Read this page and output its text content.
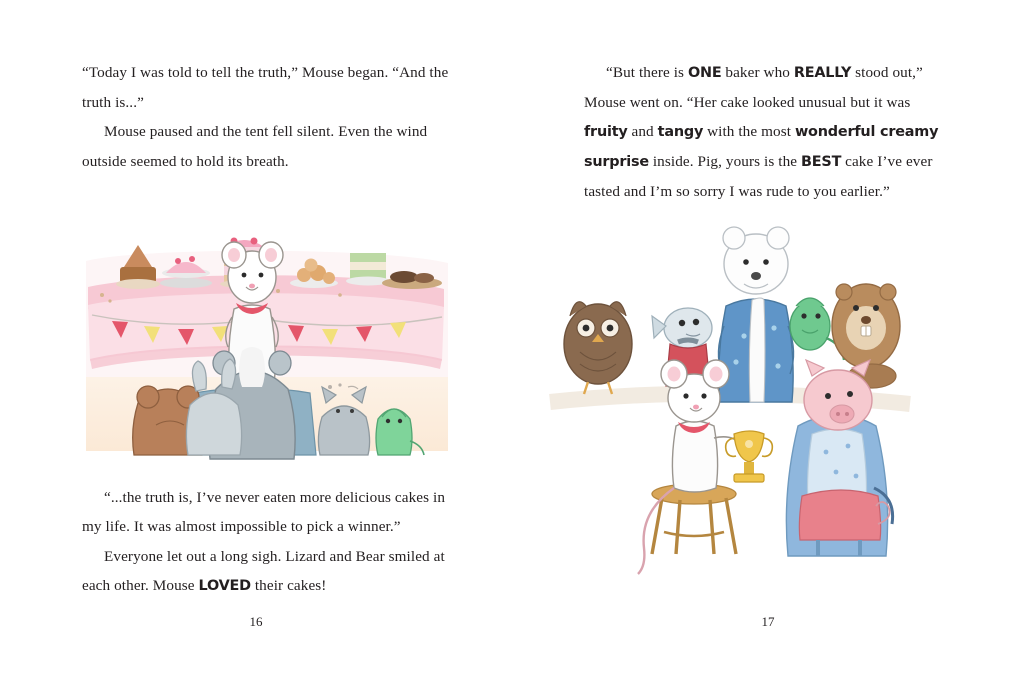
“Today I was told to tell the truth,” Mouse began. “And the truth is...”

Mouse paused and the tent fell silent. Even the wind outside seemed to hold its breath.

“...the truth is, I’ve never eaten more delicious cakes in my life. It was almost impossible to pick a winner.”

Everyone let out a long sigh. Lizard and Bear smiled at each other. Mouse LOVED their cakes!

16

“But there is ONE baker who REALLY stood out,” Mouse went on. “Her cake looked unusual but it was fruity and tangy with the most wonderful creamy surprise inside. Pig, yours is the BEST cake I’ve ever tasted and I’m so sorry I was rude to you earlier.”

17
